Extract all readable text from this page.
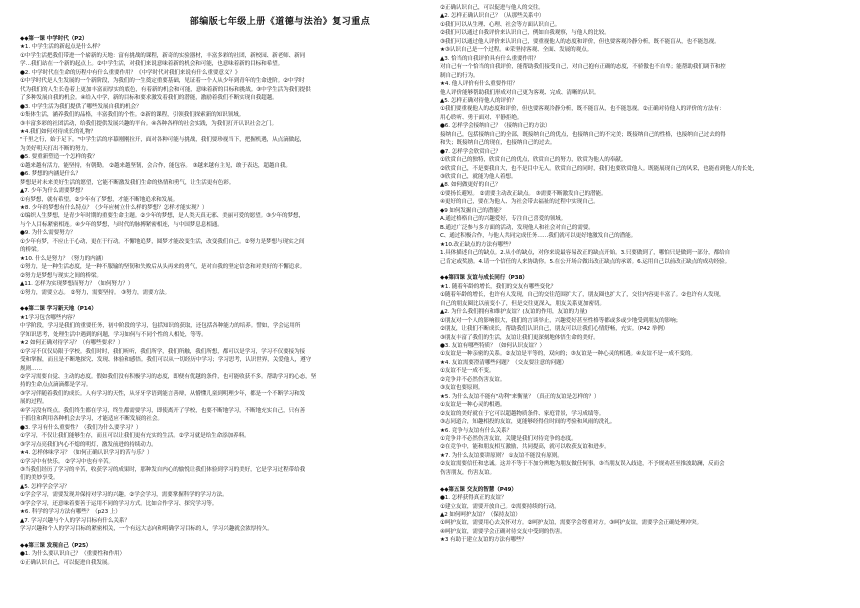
部编版七年级上册《道德与法治》复习重点
◆◆第一课 中学时代（P2）
★1. 中学生活的新起点是什么样？
①中学生活把我们带进一个崭新的天地：富有挑战的课程，新奇的实验器材，丰富多彩的社团，新校园、新老师、新同
学…我们站在一个新的起点上。②中学生活，对我们来说意味着新的机会和可能，也意味着新的目标和希望。
●2. 中学时代在生命的历程中有什么重要作用？《中学时代对我们来说有什么重要意义？》
①中学时代是人生发展的一个新阶段，为我们的一生奠定重要基础，见证着一个人从少年到青年的生命进阶。②中学时
代为我们的人生长卷着上更加丰富而厚实的底色，有着新的机会和可能，意味着新的目标和挑战。③中学生活为我们提供
了多种发展自我的机会。④给入中学，新的目标和要求激发着我们的潜能，激励着我们不断实现自我超越。
●3. 中学生活为我们提供了哪些发展自我的机会？
①集体生活，涵养我们的品格，丰富我们的个性。②新的课程，引领我们探索新的知识领域。
③丰富多彩的社团活动，给我们提供发展兴趣的平台。④各种各样的社会实践，为我们打开认识社会之门。
★4.我们如何对待成长的礼物？
"千里之行，始于足下。"中学生活的序幕刚刚拉开，面对各种可能与挑战，我们要珍视当下，把握机遇，从点滴做起，
为美好明天打出不断的努力。
●5. 要重新塑造一个怎样的我？
①越来越有活力，能坚持，有朝勤。 ②越来越坚韧，会合作，能包容。 ③越来越有主见，敢于表达，超越自我。
●6. 梦想的内涵是什么？
梦想是对未来美好生活的愿望，它能不断激发我们生命的热情和勇气，让生活更有色彩。
▲7. 少年为什么需要梦想？
①有梦想，就有希望。②少年有了梦想，才能不断地追求和发展。
★8. 少年的梦想有什么特点？（少年应树立什么样的梦想？怎样才能实现？）
①编织人生梦想，是青少年时期的重要生命主题。②少年的梦想，是人类天真无邪、美丽可爱的愿望。③少年的梦想，
与个人目标紧密相连。④少年的梦想，与时代的脉搏紧密相连，与中国梦息息相通。
●9. 为什么需要努力？
①少年有梦，不应止于心动，更在于行动。不懈地追梦，圆梦才能改变生活，改变我们自己。②努力是梦想与现实之间
的桥梁。
★10. 什么是努力？（努力的内涵）
①努力，是一种生活态度，是一种不服输的坚韧和失败后从头再来的勇气，是对自我的坚定信念和对美好的不懈追求。
②努力是梦想与现实之间的桥梁。
▲11. 怎样为实现梦想而努力？（如何努力？）
①努力，需要立志。 ②努力，需要坚持。 ③努力，需要方法。
◆◆第二课 学习新天地（P14）
★1学习包含哪些内容？
中学阶段，学习是我们的重要任务，初中阶段的学习，包括知识的获取，还包括各种能力的培养。譬如，学会运用所
学知识思考，处理生活中遇到的问题，学习如何与不同个性的人相处，等等。
★2 如何正确对待学习？（有哪些要求？）
①学习不仅仅局限于学校。我们时时，我们听听，我们所学，我们所触，我们所想，都可以是学习，学习不仅要接为接
受和掌握，而且是不断地探究、发现、体验和感悟。我们可以从一切经历中学习；学习思考，认识世界，关爱他人，遵守
规则……
②学习需要自觉、主动的态度。假如我们没有积极学习的态度，即便有优越的条件，也可能收获不多。帮助学习的心态，坚
持的生命点点滴滴都是学习。
③学习伴随着我们的成长。人有学习的天性，从牙牙学语到能言善辩，从懵懂儿童到明理少年，都是一个不断学习和发
展的过程。
④学习没有终点。我们终生都在学习，终生都需要学习，即使离开了学校，也要不断地学习，不断地充实自己，只有善
于抓住和利用各种机会去学习，才能适应不断发展的社会。
●3. 学习有什么重要性？（我们为什么要学习？）
①学习，不仅让我们能够生存，而且可以让我们更有充实的生活。②学习就是给生命添加养料。
③学习点亮我们内心不熄的明灯，激发前进的持续动力。
★4. 怎样体味学习？（如何正确认识学习的苦与乐？）
①学习中有快乐。 ②学习中也有辛苦。
③当我们经历了学习的辛苦，收获学习的成果时，那种发自内心的愉悦让我们体验到学习的美好，它是学习过程带给我
们的美妙享受。
▲5. 怎样学会学习？
①学会学习，需要发现并保持对学习的兴趣。②学会学习，需要掌握科学的学习方法。
③学会学习，还意味着要善于运用不同的学习方式。比如合作学习、探究学习等。
★6. 科学的学习方法有哪些？（p23 上）
▲7. 学习兴趣与个人的学习目标有什么关系？
学习兴趣和个人的学习目标的紧密相关，一个有远大志向和明确学习目标的人，学习兴趣就会浓厚持久。
◆◆第三课 发现自己（P25）
●1. 为什么要认识自己？（重要性和作用）
①正确认识自己，可以促进自我发展。
②正确认识自己，可以促进与他人的交往。
▲2. 怎样正确认识自己？（从那些关系中）
①我们可以从生理、心理、社会等方面认识自己。
②我们可以通过自我评价来认识自己，例如自我观察，与他人的比较。
③我们可以通过他人评价来认识自己，要重视他人的态度和评价，但也要客观冷静分析，既不能盲从，也不能忽视。
★③认识自己是一个过程。④采坚持客观、全面、发展的观点。
▲3. 恰当的自我评价具有什么重要作用？
对自己有一个恰当的自我评价，能帮助我们接受自己，对自己抱有正确的态度，不骄傲也不自卑；能帮助我们调节和控
制自己的行为。
★4. 他人评价有什么重要作用？
他人评价能够帮助我们形成对自己更为客观、完成、清晰的认识。
▲5. 怎样正确对待他人的评价？
①我们要重视他人的态度和评价，但也要客观冷静分析，既不能盲从，也不能忽视。②正确对待他人的评价的方法有：
用心聆听、勇于面对、平静拒绝。
●6. 怎样学会接纳自己？（接纳自己的方法）
接纳自己，包括接纳自己的全部，既接纳自己的优点，也接纳自己的不完美；既接纳自己的性格，也接纳自己过去的得
和失；既接纳自己的现在，也接纳自己的过去。
●7. 怎样学会欣赏自己？
①欣赏自己的独特，欣赏自己的优点，欣赏自己的努力，欣赏为他人的奉献。
②欣赏自己，不是要我自大，也不是目中无人。欣赏自己的同时，我们也要欣赏他人。既能展现自己的风采，也能看到他人的长处，
③欣赏自己，就能为他人着想。
▲8. 如何做更好的自己？
①要扬长避短。 ②需要主动改正缺点。 ③需要不断激发自己的潜能。
④更好的自己，要在为他人、为社会带去福祉的过程中实现自己。
◆9 如何发掘自己的潜能？
A.通过格格自己的兴趣爱好，专注自己喜爱的领域。
B.通过广泛参与多方面的活动，发现他人和社会对自己的需要。
C、通过积极合作，与他人共同完成任务……我们就可以更好地激发自己的潜能。
★10.改正缺点的方法有哪些？
1.具体描述自己的缺点。2.从小的缺点，对你来说最容易改正的缺点开始。3.只要做到了，哪怕只是做到一部分，都给自
己肯定或奖励。4.请一个信任的人来协助你。5.在公开场合做出改正缺点的承诺。6.运用自己以前改正缺点的成功经验。
◆◆第四课 友谊与成长同行（P38）
★1. 随着年龄的增长，我们的交友有哪些变化？
①随着年龄的增长，也许有人发现，自己的交往范围扩大了，朋友圈也扩大了，交往内容更丰富了。②也许有人发现，
自己的朋友圈比以前变小了，但是交往更深入，朋友关系更加密切。
▲2. 为什么我们拥有和维护友谊？(友谊的作用，友谊的力量)
①朋友对一个人的影响很大，我们的言谈举止，兴趣爱好甚至性格等都或多或少地受到朋友的影响；
②朋友，让我们不断成长，帮助我们认识自己，朋友可以让我们心情舒畅，充实。（P42 举例）
③朋友丰富了我们的生活，友谊让我们更深刻地体悟生命的美好。
●3. 友谊有哪些特质？（如何认识友谊？）
①友谊是一种亲密的关系。②友谊是平等的，双向的；③友谊是一种心灵的相遇。④友谊不是一成不变的。
★4. 友谊需要澄清哪些问题？（交友要注意的问题）
①友谊不是一成不变。
②竞争并不必然伤害友谊。
③友谊也要原则。
★5. 为什么友谊不能有"功利"来衡量？（真正的友谊是怎样的？）
①友谊是一种心灵的相遇。
②友谊的美好就在于它可以超越物质条件、家庭背景，学习成绩等。
③志同道合，知趣相投的友谊，更能够经得住时间的考验和风雨的洗礼。
★6. 竞争与友谊有什么关系？
①竞争并不必然伤害友谊，关键是我们对待竞争的态度。
②在竞争中，能和朋友相互激励，共同提高，就可以收获友谊和进步。
★7. 为什么友谊要讲原则？ ①友谊不能没有原则。
②友谊需要信任和忠诚。这并不等于不加分辨地为朋友做任何事。③当朋友误入歧途，不予规劝甚至推波助澜，反而会
伤害朋友，伤害友谊。
◆◆第五课 交友的智慧（P49）
●1. 怎样获得真正的友谊？
①建立友谊，需要开放自己。②需要持续的行动。
▲2 如何呵护友谊？（保持友谊）
①呵护友谊，需要用心去关怀对方。②呵护友谊，需要学会尊重对方。③呵护友谊，需要学会正确处理冲突。
④呵护友谊，需要学会正确对待交友中受到的伤害。
★3 有助于建立友谊的方法有哪些？
